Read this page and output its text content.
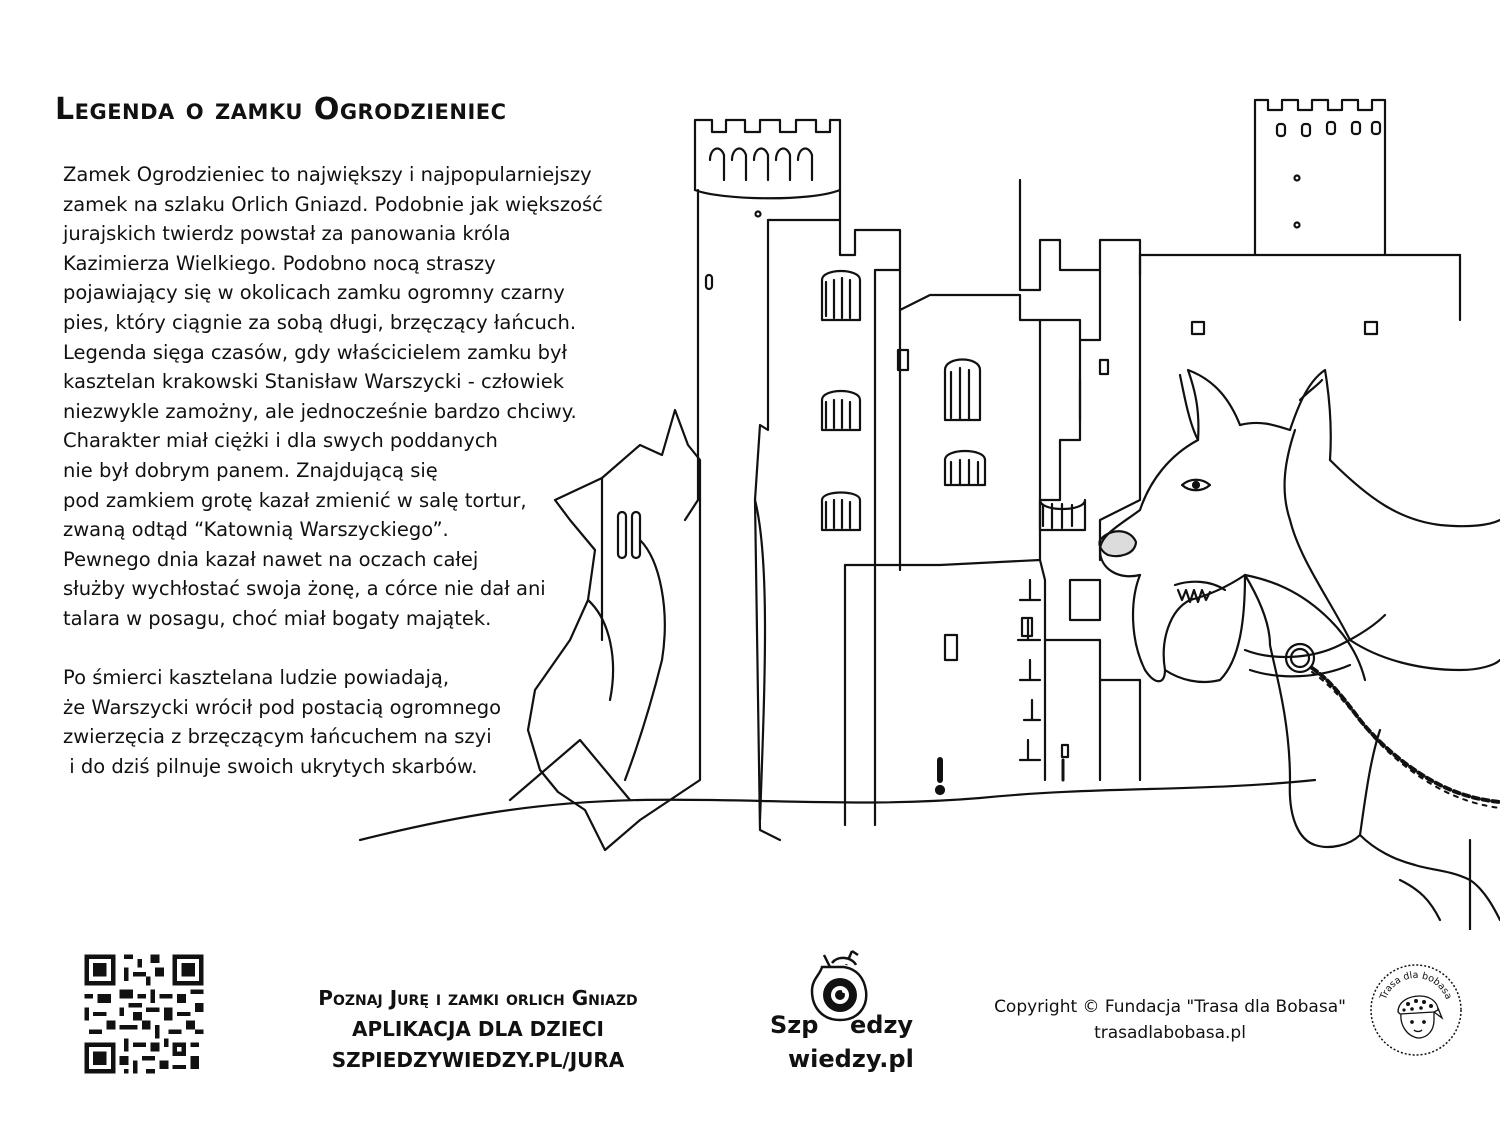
Legenda o zamku Ogrodzieniec

Zamek Ogrodzieniec to największy i najpopularniejszy
zamek na szlaku Orlich Gniazd. Podobnie jak większość
jurajskich twierdz powstał za panowania króla
Kazimierza Wielkiego. Podobno nocą straszy
pojawiający się w okolicach zamku ogromny czarny
pies, który ciągnie za sobą długi, brzęczący łańcuch.
Legenda sięga czasów, gdy właścicielem zamku był
kasztelan krakowski Stanisław Warszycki - człowiek
niezwykle zamożny, ale jednocześnie bardzo chciwy.
Charakter miał ciężki i dla swych poddanych
nie był dobrym panem. Znajdującą się
pod zamkiem grotę kazał zmienić w salę tortur,
zwaną odtąd “Katownią Warszyckiego”.
Pewnego dnia kazał nawet na oczach całej
służby wychłostać swoja żonę, a córce nie dał ani
talara w posagu, choć miał bogaty majątek.

Po śmierci kasztelana ludzie powiadają,
że Warszycki wrócił pod postacią ogromnego
zwierzęcia z brzęczącym łańcuchem na szyi
i do dziś pilnuje swoich ukrytych skarbów.

Poznaj Jurę i zamki orlich Gniazd
APLIKACJA DLA DZIECI
SZPIEDZYWIEDZY.PL/JURA
Szp edzy
wiedzy.pl
Copyright © Fundacja "Trasa dla Bobasa"
trasadlabobasa.pl
Trasa dla bobasa
